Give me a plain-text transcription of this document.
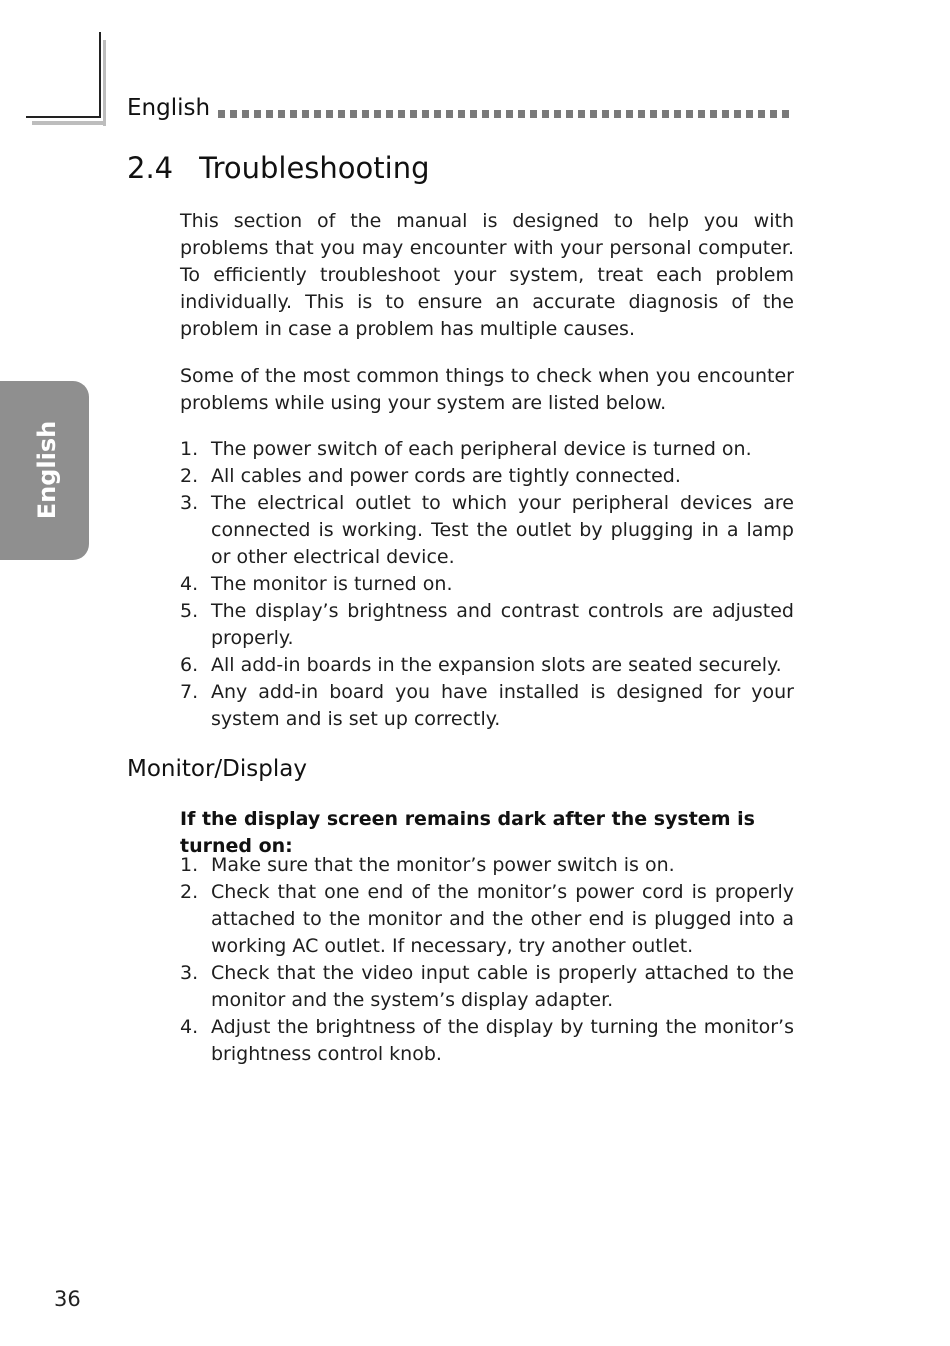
English
2.4 Troubleshooting
English

This section of the manual is designed to help you with problems that you may encounter with your personal computer. To efficiently troubleshoot your system, treat each problem individually. This is to ensure an accurate diagnosis of the problem in case a problem has multiple causes.

Some of the most common things to check when you encounter problems while using your system are listed below.

1. The power switch of each peripheral device is turned on.
2. All cables and power cords are tightly connected.
3. The electrical outlet to which your peripheral devices are connected is working. Test the outlet by plugging in a lamp or other electrical device.
4. The monitor is turned on.
5. The display’s brightness and contrast controls are adjusted properly.
6. All add-in boards in the expansion slots are seated securely.
7. Any add-in board you have installed is designed for your system and is set up correctly.
Monitor/Display

If the display screen remains dark after the system is turned on:

1. Make sure that the monitor’s power switch is on.
2. Check that one end of the monitor’s power cord is properly attached to the monitor and the other end is plugged into a working AC outlet. If necessary, try another outlet.
3. Check that the video input cable is properly attached to the monitor and the system’s display adapter.
4. Adjust the brightness of the display by turning the monitor’s brightness control knob.
36
